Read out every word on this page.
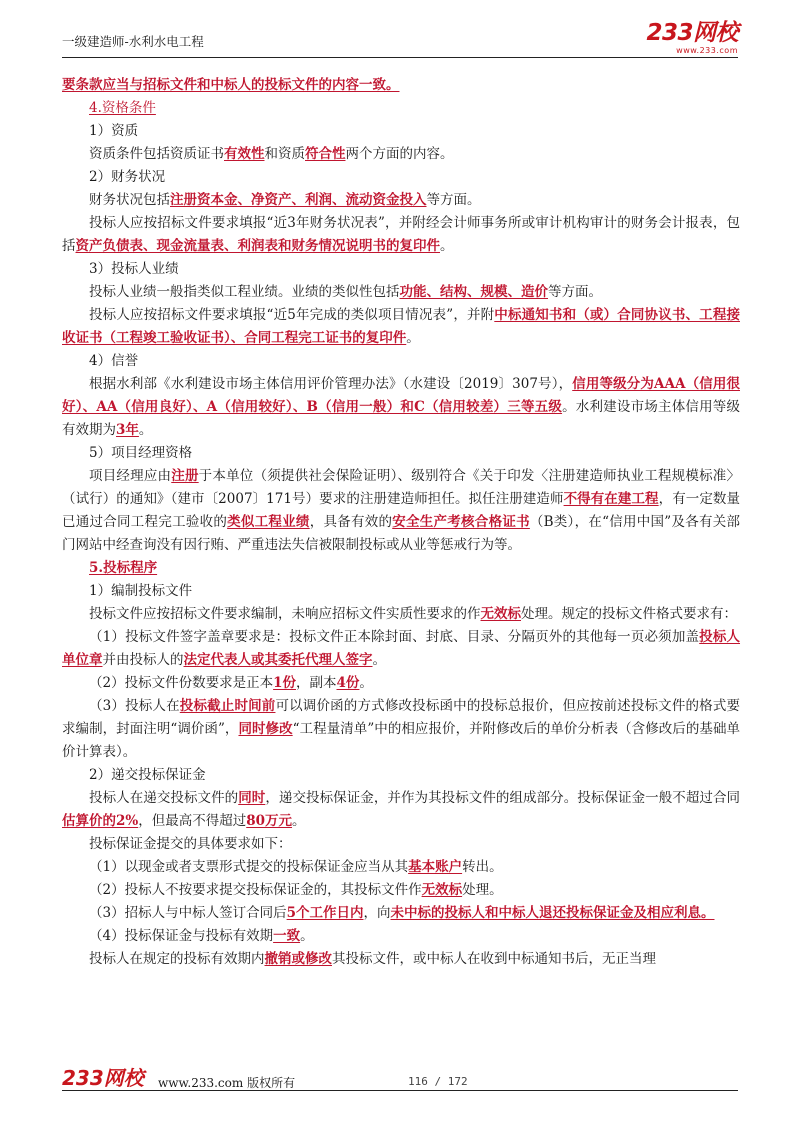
一级建造师-水利水电工程	233网校
www.233.com

要条款应当与招标文件和中标人的投标文件的内容一致。

4.资格条件

1）资质

资质条件包括资质证书有效性和资质符合性两个方面的内容。

2）财务状况

财务状况包括注册资本金、净资产、利润、流动资金投入等方面。

投标人应按招标文件要求填报“近3年财务状况表”，并附经会计师事务所或审计机构审计的财务会计报表，包括资产负债表、现金流量表、利润表和财务情况说明书的复印件。

3）投标人业绩

投标人业绩一般指类似工程业绩。业绩的类似性包括功能、结构、规模、造价等方面。

投标人应按招标文件要求填报“近5年完成的类似项目情况表”，并附中标通知书和（或）合同协议书、工程接收证书（工程竣工验收证书）、合同工程完工证书的复印件。

4）信誉

根据水利部《水利建设市场主体信用评价管理办法》（水建设〔2019〕307号），信用等级分为AAA（信用很好）、AA（信用良好）、A（信用较好）、B（信用一般）和C（信用较差）三等五级。水利建设市场主体信用等级有效期为3年。

5）项目经理资格

项目经理应由注册于本单位（须提供社会保险证明）、级别符合《关于印发〈注册建造师执业工程规模标准〉（试行）的通知》（建市〔2007〕171号）要求的注册建造师担任。拟任注册建造师不得有在建工程，有一定数量已通过合同工程完工验收的类似工程业绩，具备有效的安全生产考核合格证书（B类），在“信用中国”及各有关部门网站中经查询没有因行贿、严重违法失信被限制投标或从业等惩戒行为等。

5.投标程序

1）编制投标文件

投标文件应按招标文件要求编制，未响应招标文件实质性要求的作无效标处理。规定的投标文件格式要求有：

（1）投标文件签字盖章要求是：投标文件正本除封面、封底、目录、分隔页外的其他每一页必须加盖投标人单位章并由投标人的法定代表人或其委托代理人签字。

（2）投标文件份数要求是正本1份，副本4份。

（3）投标人在投标截止时间前可以调价函的方式修改投标函中的投标总报价，但应按前述投标文件的格式要求编制，封面注明“调价函”，同时修改“工程量清单”中的相应报价，并附修改后的单价分析表（含修改后的基础单价计算表）。

2）递交投标保证金

投标人在递交投标文件的同时，递交投标保证金，并作为其投标文件的组成部分。投标保证金一般不超过合同估算价的2%，但最高不得超过80万元。

投标保证金提交的具体要求如下：

（1）以现金或者支票形式提交的投标保证金应当从其基本账户转出。

（2）投标人不按要求提交投标保证金的，其投标文件作无效标处理。

（3）招标人与中标人签订合同后5个工作日内，向未中标的投标人和中标人退还投标保证金及相应利息。

（4）投标保证金与投标有效期一致。

投标人在规定的投标有效期内撤销或修改其投标文件，或中标人在收到中标通知书后，无正当理

233网校 www.233.com 版权所有	116 / 172
